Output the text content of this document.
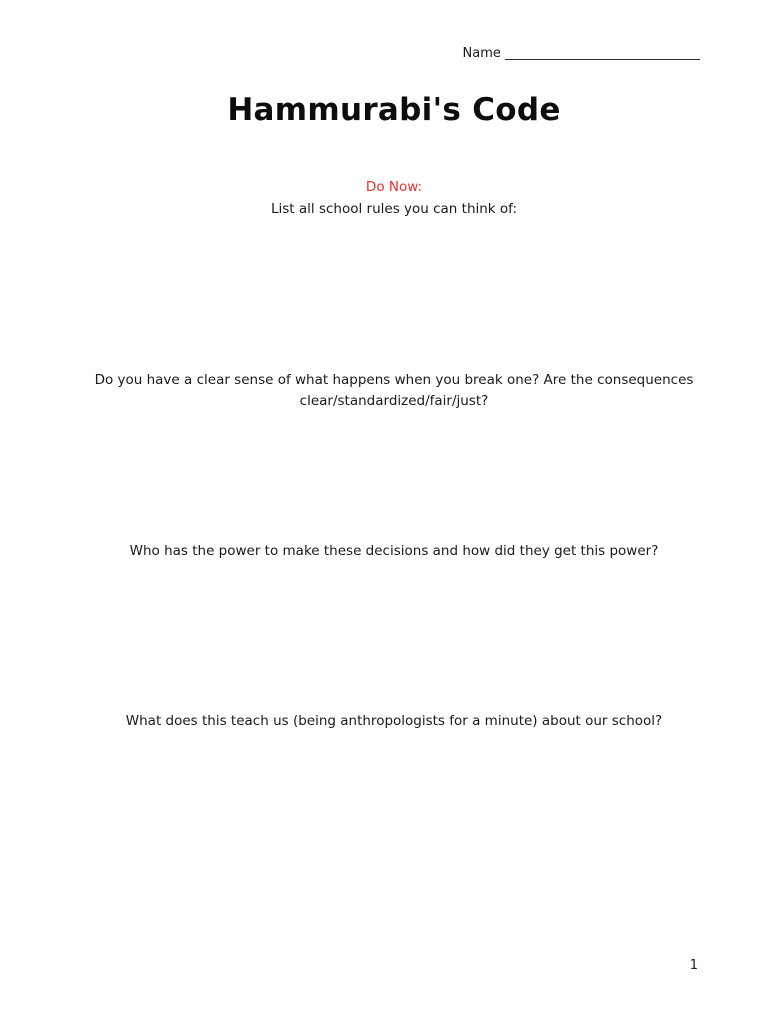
Name ______________________________
Hammurabi's Code
Do Now:
List all school rules you can think of:
Do you have a clear sense of what happens when you break one? Are the consequences clear/standardized/fair/just?
Who has the power to make these decisions and how did they get this power?
What does this teach us (being anthropologists for a minute) about our school?
1
